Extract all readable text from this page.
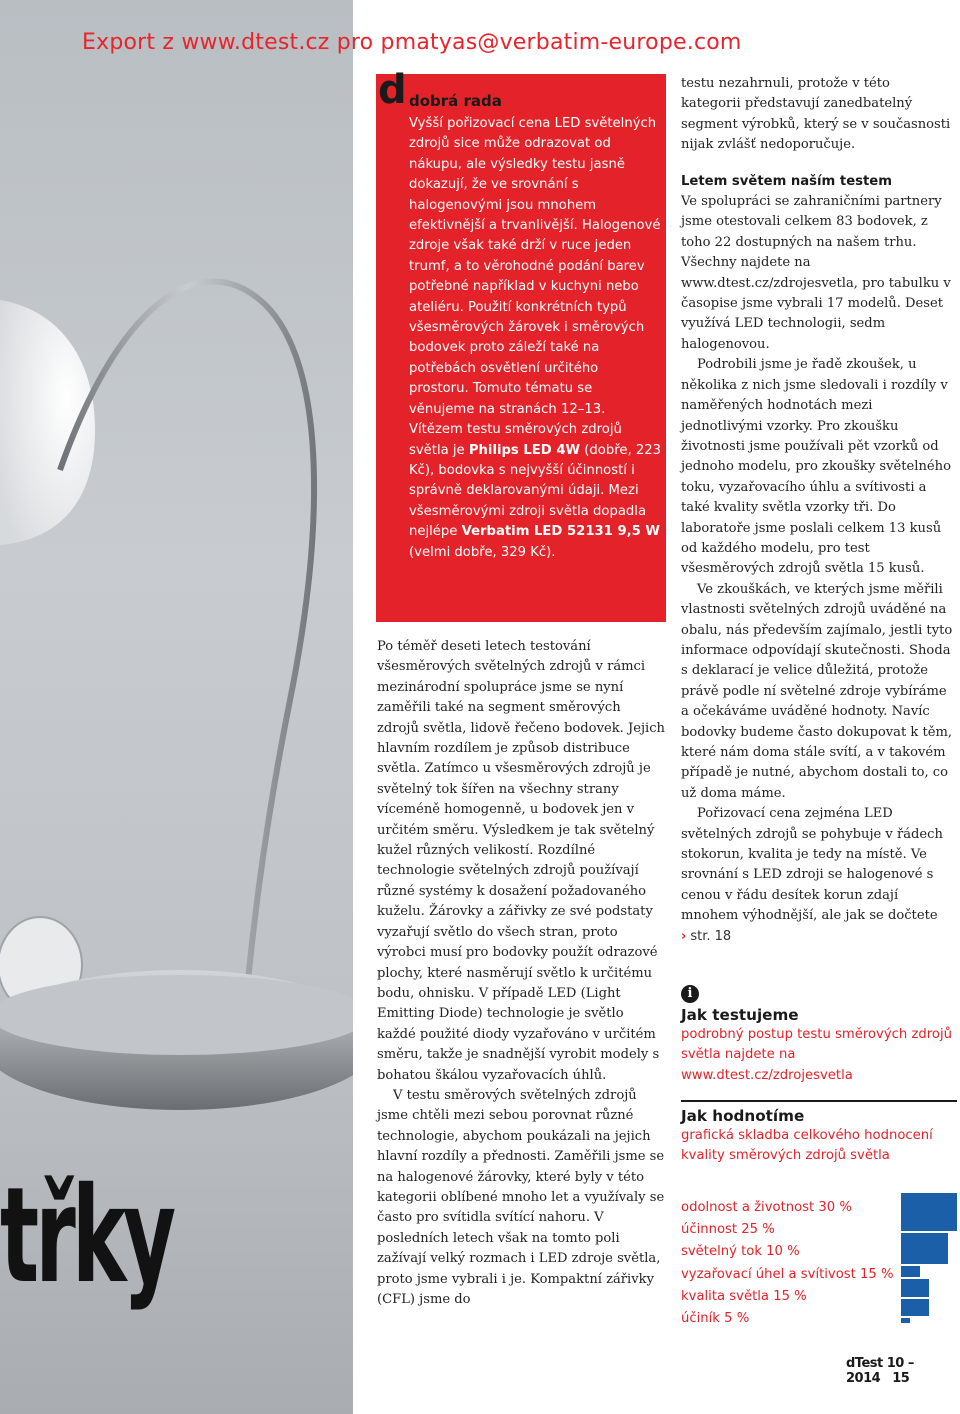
třky
Export z www.dtest.cz pro pmatyas@verbatim-europe.com
d dobrá rada

Vyšší pořizovací cena LED světelných zdrojů sice může odrazovat od nákupu, ale výsledky testu jasně dokazují, že ve srovnání s halogenovými jsou mnohem efektivnější a trvanlivější. Halogenové zdroje však také drží v ruce jeden trumf, a to věrohodné podání barev potřebné například v kuchyni nebo ateliéru. Použití konkrétních typů všesměrových žárovek i směrových bodovek proto záleží také na potřebách osvětlení určitého prostoru. Tomuto tématu se věnujeme na stranách 12–13.

Vítězem testu směrových zdrojů světla je Philips LED 4W (dobře, 223 Kč), bodovka s nejvyšší účinností i správně deklarovanými údaji. Mezi všesměrovými zdroji světla dopadla nejlépe Verbatim LED 52131 9,5 W (velmi dobře, 329 Kč).

Po téměř deseti letech testování všesměrových světelných zdrojů v rámci mezinárodní spolupráce jsme se nyní zaměřili také na segment směrových zdrojů světla, lidově řečeno bodovek. Jejich hlavním rozdílem je způsob distribuce světla. Zatímco u všesměrových zdrojů je světelný tok šířen na všechny strany víceméně homogenně, u bodovek jen v určitém směru. Výsledkem je tak světelný kužel různých velikostí. Rozdílné technologie světelných zdrojů používají různé systémy k dosažení požadovaného kuželu. Žárovky a zářivky ze své podstaty vyzařují světlo do všech stran, proto výrobci musí pro bodovky použít odrazové plochy, které nasměrují světlo k určitému bodu, ohnisku. V případě LED (Light Emitting Diode) technologie je světlo každé použité diody vyzařováno v určitém směru, takže je snadnější vyrobit modely s bohatou škálou vyzařovacích úhlů.

V testu směrových světelných zdrojů jsme chtěli mezi sebou porovnat různé technologie, abychom poukázali na jejich hlavní rozdíly a přednosti. Zaměřili jsme se na halogenové žárovky, které byly v této kategorii oblíbené mnoho let a využívaly se často pro svítidla svítící nahoru. V posledních letech však na tomto poli zažívají velký rozmach i LED zdroje světla, proto jsme vybrali i je. Kompaktní zářivky (CFL) jsme do

testu nezahrnuli, protože v této kategorii představují zanedbatelný segment výrobků, který se v současnosti nijak zvlášť nedoporučuje.

Letem světem naším testem

Ve spolupráci se zahraničními partnery jsme otestovali celkem 83 bodovek, z toho 22 dostupných na našem trhu. Všechny najdete na www.dtest.cz/zdrojesvetla, pro tabulku v časopise jsme vybrali 17 modelů. Deset využívá LED technologii, sedm halogenovou.

Podrobili jsme je řadě zkoušek, u několika z nich jsme sledovali i rozdíly v naměřených hodnotách mezi jednotlivými vzorky. Pro zkoušku životnosti jsme používali pět vzorků od jednoho modelu, pro zkoušky světelného toku, vyzařovacího úhlu a svítivosti a také kvality světla vzorky tři. Do laboratoře jsme poslali celkem 13 kusů od každého modelu, pro test všesměrových zdrojů světla 15 kusů.

Ve zkouškách, ve kterých jsme měřili vlastnosti světelných zdrojů uváděné na obalu, nás především zajímalo, jestli tyto informace odpovídají skutečnosti. Shoda s deklarací je velice důležitá, protože právě podle ní světelné zdroje vybíráme a očekáváme uváděné hodnoty. Navíc bodovky budeme často dokupovat k těm, které nám doma stále svítí, a v takovém případě je nutné, abychom dostali to, co už doma máme.

Pořizovací cena zejména LED světelných zdrojů se pohybuje v řádech stokorun, kvalita je tedy na místě. Ve srovnání s LED zdroji se halogenové s cenou v řádu desítek korun zdají mnohem výhodnější, ale jak se dočtete

› str. 18

i
Jak testujeme
podrobný postup testu směrových zdrojů světla najdete na www.dtest.cz/zdrojesvetla
Jak hodnotíme
grafická skladba celkového hodnocení kvality směrových zdrojů světla
odolnost a životnost 30 %
účinnost 25 %
světelný tok 10 %
vyzařovací úhel a svítivost 15 %
kvalita světla 15 %
účiník 5 %
dTest 10 – 2014 15
